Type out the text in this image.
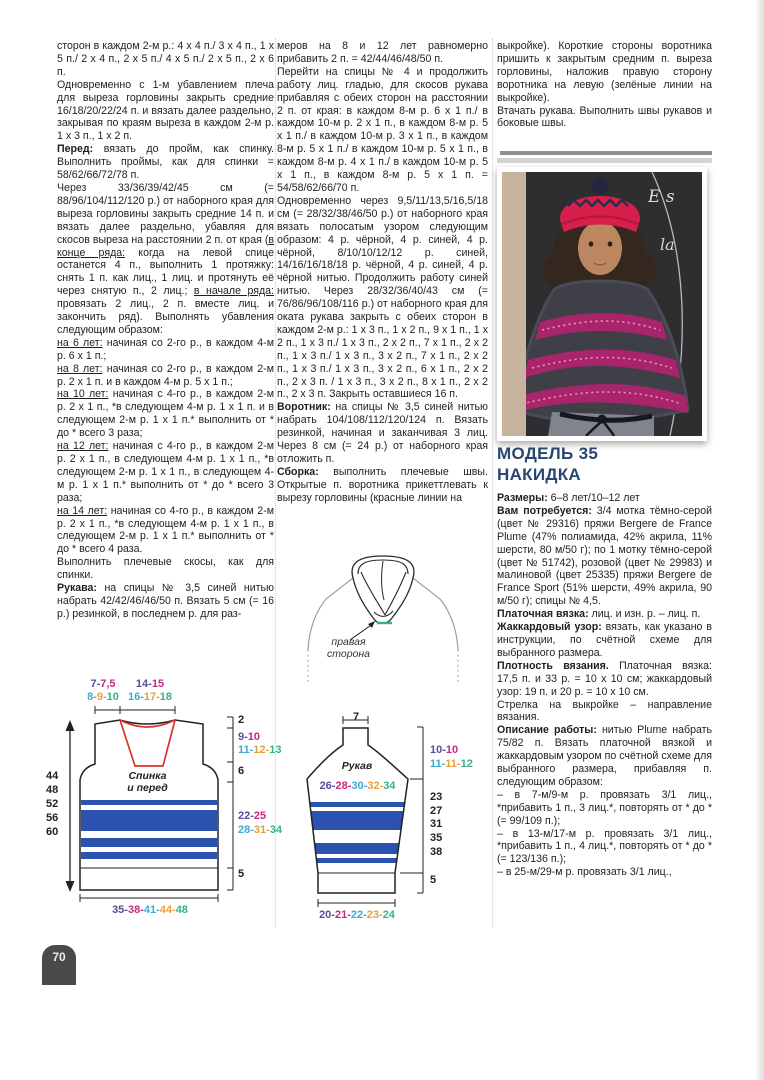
сторон в каждом 2-м р.: 4 х 4 п./ 3 х 4 п., 1 х 5 п./ 2 х 4 п., 2 х 5 п./ 4 х 5 п./ 2 х 5 п., 2 х 6 п.

Одновременно с 1-м убавлением плеча для выреза горловины закрыть средние 16/18/20/22/24 п. и вязать далее раздельно, закрывая по краям выреза в каждом 2-м р. 1 х 3 п., 1 х 2 п.

Перед: вязать до пройм, как спинку. Выполнить проймы, как для спинки = 58/62/66/72/78 п.

Через 33/36/39/42/45 см (= 88/96/104/112/120 р.) от наборного края для выреза горловины закрыть средние 14 п. и вязать далее раздельно, убавляя для скосов выреза на расстоянии 2 п. от края (в конце ряда: когда на левой спице останется 4 п., выполнить 1 протяжку: снять 1 п. как лиц., 1 лиц. и протянуть её через снятую п., 2 лиц.; в начале ряда: провязать 2 лиц., 2 п. вместе лиц. и закончить ряд). Выполнять убавления следующим образом:

на 6 лет: начиная со 2-го р., в каждом 4-м р. 6 х 1 п.;

на 8 лет: начиная со 2-го р., в каждом 2-м р. 2 х 1 п. и в каждом 4-м р. 5 х 1 п.;

на 10 лет: начиная с 4-го р., в каждом 2-м р. 2 х 1 п., *в следующем 4-м р. 1 х 1 п. и в следующем 2-м р. 1 х 1 п.* выполнить от * до * всего 3 раза;

на 12 лет: начиная с 4-го р., в каждом 2-м р. 2 х 1 п., в следующем 4-м р. 1 х 1 п., *в следующем 2-м р. 1 х 1 п., в следующем 4-м р. 1 х 1 п.* выполнить от * до * всего 3 раза;

на 14 лет: начиная со 4-го р., в каждом 2-м р. 2 х 1 п., *в следующем 4-м р. 1 х 1 п., в следующем 2-м р. 1 х 1 п.* выполнить от * до * всего 4 раза.

Выполнить плечевые скосы, как для спинки.

Рукава: на спицы № 3,5 синей нитью набрать 42/42/46/46/50 п. Вязать 5 см (= 16 р.) резинкой, в последнем р. для раз-

меров на 8 и 12 лет равномерно прибавить 2 п. = 42/44/46/48/50 п.

Перейти на спицы № 4 и продолжить работу лиц. гладью, для скосов рукава прибавляя с обеих сторон на расстоянии 2 п. от края: в каждом 8-м р. 6 х 1 п./ в каждом 10-м р. 2 х 1 п., в каждом 8-м р. 5 х 1 п./ в каждом 10-м р. 3 х 1 п., в каждом 8-м р. 5 х 1 п./ в каждом 10-м р. 5 х 1 п., в каждом 8-м р. 4 х 1 п./ в каждом 10-м р. 5 х 1 п., в каждом 8-м р. 5 х 1 п. = 54/58/62/66/70 п.

Одновременно через 9,5/11/13,5/16,5/18 см (= 28/32/38/46/50 р.) от наборного края вязать полосатым узором следующим образом: 4 р. чёрной, 4 р. синей, 4 р. чёрной, 8/10/10/12/12 р. синей, 14/16/16/18/18 р. чёрной, 4 р. синей, 4 р. чёрной нитью. Продолжить работу синей нитью. Через 28/32/36/40/43 см (= 76/86/96/108/116 р.) от наборного края для оката рукава закрыть с обеих сторон в каждом 2-м р.: 1 х 3 п., 1 х 2 п., 9 х 1 п., 1 х 2 п., 1 х 3 п./ 1 х 3 п., 2 х 2 п., 7 х 1 п., 2 х 2 п., 1 х 3 п./ 1 х 3 п., 3 х 2 п., 7 х 1 п., 2 х 2 п., 1 х 3 п./ 1 х 3 п., 3 х 2 п., 6 х 1 п., 2 х 2 п., 2 х 3 п. / 1 х 3 п., 3 х 2 п., 8 х 1 п., 2 х 2 п., 2 х 3 п. Закрыть оставшиеся 16 п.

Воротник: на спицы № 3,5 синей нитью набрать 104/108/112/120/124 п. Вязать резинкой, начиная и заканчивая 3 лиц. Через 8 см (= 24 р.) от наборного края отложить п.

Сборка: выполнить плечевые швы. Открытые п. воротника прикеттлевать к вырезу горловины (красные линии на

выкройке). Короткие стороны воротника пришить к закрытым средним п. выреза горловины, наложив правую сторону воротника на левую (зелёные линии на выкройке).

Втачать рукава. Выполнить швы рукавов и боковые швы.

E s
la
МОДЕЛЬ 35
НАКИДКА

Размеры: 6–8 лет/10–12 лет

Вам потребуется: 3/4 мотка тёмно-серой (цвет № 29316) пряжи Bergere de France Plume (47% полиамида, 42% акрила, 11% шерсти, 80 м/50 г); по 1 мотку тёмно-серой (цвет № 51742), розовой (цвет № 29983) и малиновой (цвет 25335) пряжи Bergere de France Sport (51% шерсти, 49% акрила, 90 м/50 г); спицы № 4,5.

Платочная вязка: лиц. и изн. р. – лиц. п.

Жаккардовый узор: вязать, как указано в инструкции, по счётной схеме для выбранного размера.

Плотность вязания. Платочная вязка: 17,5 п. и 33 р. = 10 х 10 см; жаккардовый узор: 19 п. и 20 р. = 10 х 10 см.

Стрелка на выкройке – направление вязания.

Описание работы: нитью Plume набрать 75/82 п. Вязать платочной вязкой и жаккардовым узором по счётной схеме для выбранного размера, прибавляя п. следующим образом:

– в 7-м/9-м р. провязать 3/1 лиц., *прибавить 1 п., 3 лиц.*, повторять от * до * (= 99/109 п.);

– в 13-м/17-м р. провязать 3/1 лиц., *прибавить 1 п., 4 лиц.*, повторять от * до * (= 123/136 п.);

– в 25-м/29-м р. провязать 3/1 лиц.,

правая
сторона
7-7,5	14-15
8-9-10 16-17-18
44
48
52
56
60
2
9-10
11-12-13
6
22-25
28-31-34
5
35-38-41-44-48
Спинка
и перед
7
Рукав
26-28-30-32-34
10-10
11-11-12
23
27
31
35
38
5
20-21-22-23-24
70
